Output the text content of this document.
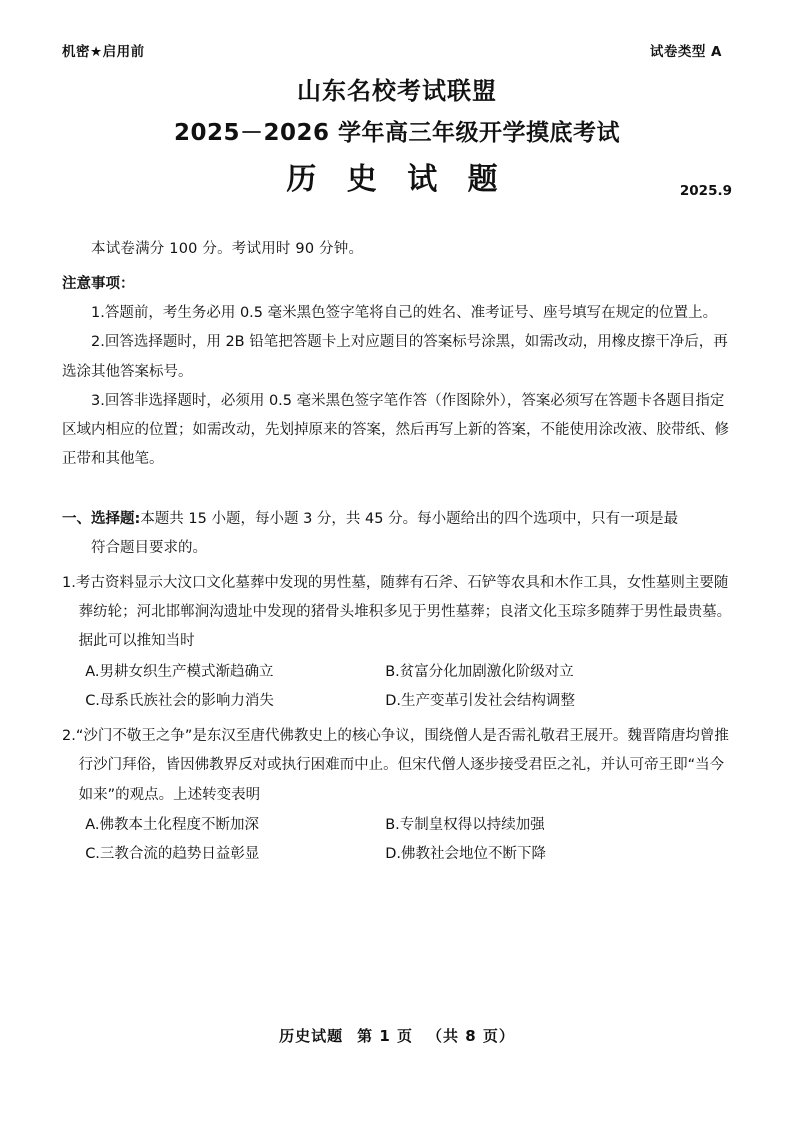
机密★启用前	试卷类型 A
山东名校考试联盟
2025－2026 学年高三年级开学摸底考试
历 史 试 题	2025.9
本试卷满分 100 分。考试用时 90 分钟。
注意事项：
1.答题前，考生务必用 0.5 毫米黑色签字笔将自己的姓名、准考证号、座号填写在规定的位置上。
2.回答选择题时，用 2B 铅笔把答题卡上对应题目的答案标号涂黑，如需改动，用橡皮擦干净后，再选涂其他答案标号。
3.回答非选择题时，必须用 0.5 毫米黑色签字笔作答（作图除外），答案必须写在答题卡各题目指定区域内相应的位置；如需改动，先划掉原来的答案，然后再写上新的答案，不能使用涂改液、胶带纸、修正带和其他笔。
一、选择题:本题共 15 小题，每小题 3 分，共 45 分。每小题给出的四个选项中，只有一项是最
符合题目要求的。
1.考古资料显示大汶口文化墓葬中发现的男性墓，随葬有石斧、石铲等农具和木作工具，女性墓则主要随葬纺轮；河北邯郸涧沟遗址中发现的猪骨头堆积多见于男性墓葬；良渚文化玉琮多随葬于男性最贵墓。据此可以推知当时
A.男耕女织生产模式渐趋确立	B.贫富分化加剧激化阶级对立
C.母系氏族社会的影响力消失	D.生产变革引发社会结构调整
2.“沙门不敬王之争”是东汉至唐代佛教史上的核心争议，围绕僧人是否需礼敬君王展开。魏晋隋唐均曾推行沙门拜俗，皆因佛教界反对或执行困难而中止。但宋代僧人逐步接受君臣之礼，并认可帝王即“当今如来”的观点。上述转变表明
A.佛教本土化程度不断加深	B.专制皇权得以持续加强
C.三教合流的趋势日益彰显	D.佛教社会地位不断下降
历史试题 第 1 页 （共 8 页）
